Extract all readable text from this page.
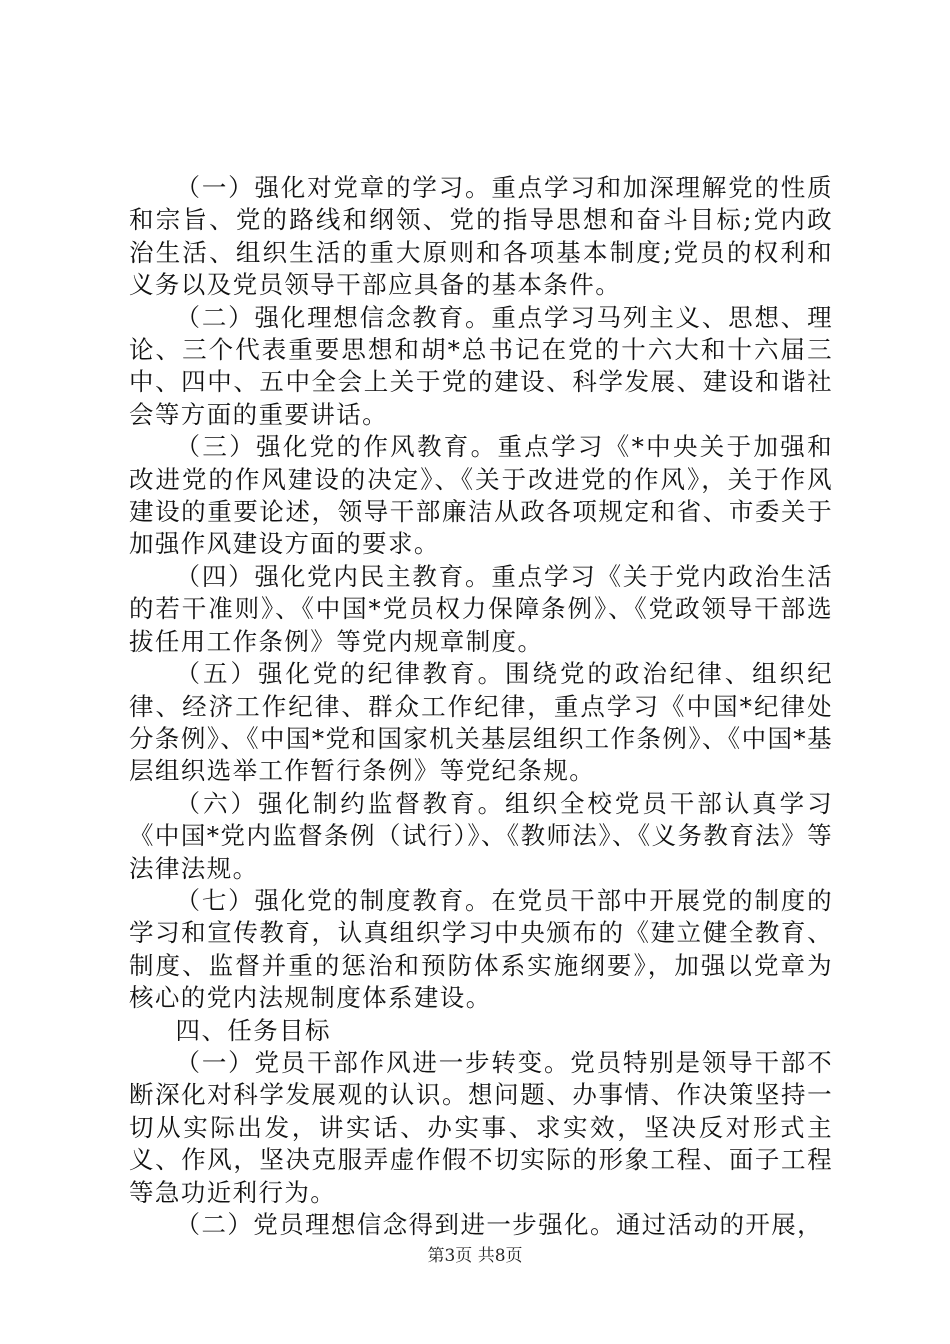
（一）强化对党章的学习。重点学习和加深理解党的性质和宗旨、党的路线和纲领、党的指导思想和奋斗目标;党内政治生活、组织生活的重大原则和各项基本制度;党员的权利和义务以及党员领导干部应具备的基本条件。

（二）强化理想信念教育。重点学习马列主义、思想、理论、三个代表重要思想和胡*总书记在党的十六大和十六届三中、四中、五中全会上关于党的建设、科学发展、建设和谐社会等方面的重要讲话。

（三）强化党的作风教育。重点学习《*中央关于加强和改进党的作风建设的决定》、《关于改进党的作风》，关于作风建设的重要论述，领导干部廉洁从政各项规定和省、市委关于加强作风建设方面的要求。

（四）强化党内民主教育。重点学习《关于党内政治生活的若干准则》、《中国*党员权力保障条例》、《党政领导干部选拔任用工作条例》等党内规章制度。

（五）强化党的纪律教育。围绕党的政治纪律、组织纪律、经济工作纪律、群众工作纪律，重点学习《中国*纪律处分条例》、《中国*党和国家机关基层组织工作条例》、《中国*基层组织选举工作暂行条例》等党纪条规。

（六）强化制约监督教育。组织全校党员干部认真学习《中国*党内监督条例（试行）》、《教师法》、《义务教育法》等法律法规。

（七）强化党的制度教育。在党员干部中开展党的制度的学习和宣传教育，认真组织学习中央颁布的《建立健全教育、制度、监督并重的惩治和预防体系实施纲要》，加强以党章为核心的党内法规制度体系建设。

四、任务目标

（一）党员干部作风进一步转变。党员特别是领导干部不断深化对科学发展观的认识。想问题、办事情、作决策坚持一切从实际出发，讲实话、办实事、求实效，坚决反对形式主义、作风，坚决克服弄虚作假不切实际的形象工程、面子工程等急功近利行为。

（二）党员理想信念得到进一步强化。通过活动的开展，

第3页 共8页
